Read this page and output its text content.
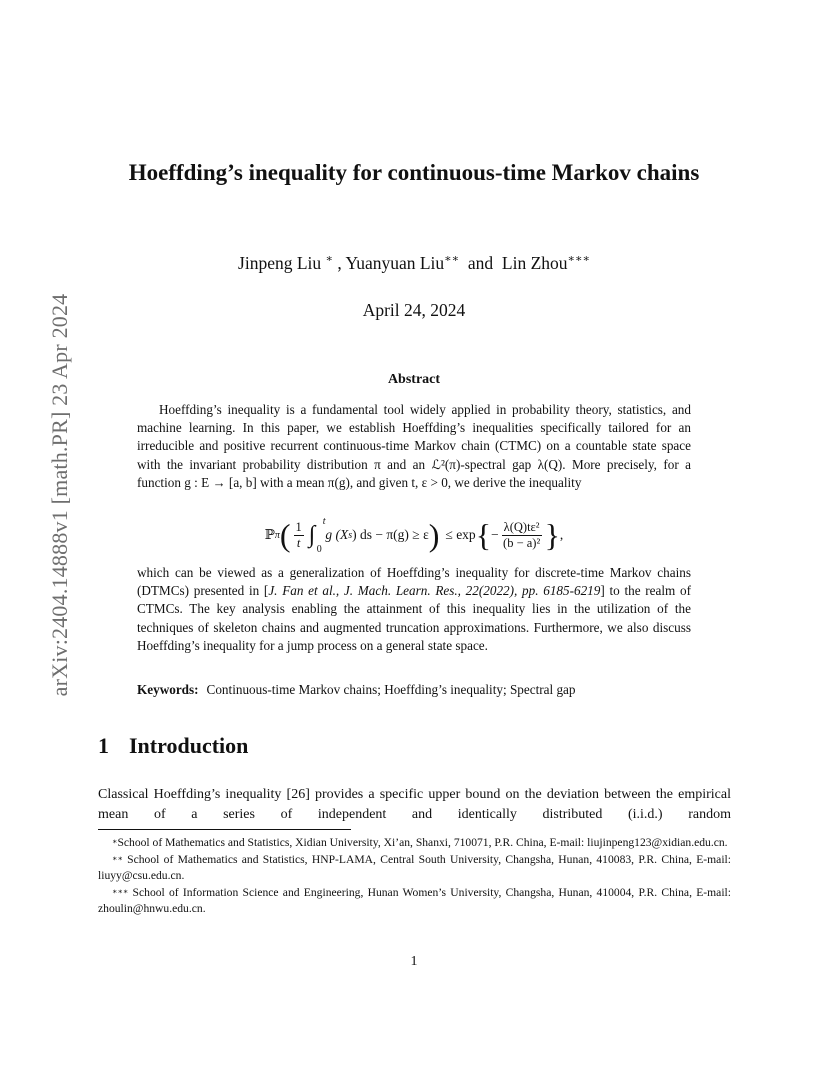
arXiv:2404.14888v1 [math.PR] 23 Apr 2024
Hoeffding’s inequality for continuous-time Markov chains
Jinpeng Liu ∗ , Yuanyuan Liu∗∗  and  Lin Zhou∗∗∗
April 24, 2024
Abstract
Hoeffding’s inequality is a fundamental tool widely applied in probability theory, statistics, and machine learning. In this paper, we establish Hoeffding’s inequalities specifically tailored for an irreducible and positive recurrent continuous-time Markov chain (CTMC) on a countable state space with the invariant probability distribution π and an ℒ²(π)-spectral gap λ(Q). More precisely, for a function g : E → [a, b] with a mean π(g), and given t, ε > 0, we derive the inequality
ℙ π ( $\frac{1}{t}$ ∫
t
0
g (X s ) ds − π(g) ≥ ε ) ≤ exp { − $\frac{\text{λ(Q)tε²}}{\text{(b − a)²}}$ } ,
which can be viewed as a generalization of Hoeffding’s inequality for discrete-time Markov chains (DTMCs) presented in [J. Fan et al., J. Mach. Learn. Res., 22(2022), pp. 6185-6219] to the realm of CTMCs. The key analysis enabling the attainment of this inequality lies in the utilization of the techniques of skeleton chains and augmented truncation approximations. Furthermore, we also discuss Hoeffding’s inequality for a jump process on a general state space.
Keywords: Continuous-time Markov chains; Hoeffding’s inequality; Spectral gap
1 Introduction
Classical Hoeffding’s inequality [26] provides a specific upper bound on the deviation between the empirical mean of a series of independent and identically distributed (i.i.d.) random
∗School of Mathematics and Statistics, Xidian University, Xi’an, Shanxi, 710071, P.R. China, E-mail: liujinpeng123@xidian.edu.cn.
∗∗ School of Mathematics and Statistics, HNP-LAMA, Central South University, Changsha, Hunan, 410083, P.R. China, E-mail: liuyy@csu.edu.cn.
∗∗∗ School of Information Science and Engineering, Hunan Women’s University, Changsha, Hunan, 410004, P.R. China, E-mail: zhoulin@hnwu.edu.cn.
1
